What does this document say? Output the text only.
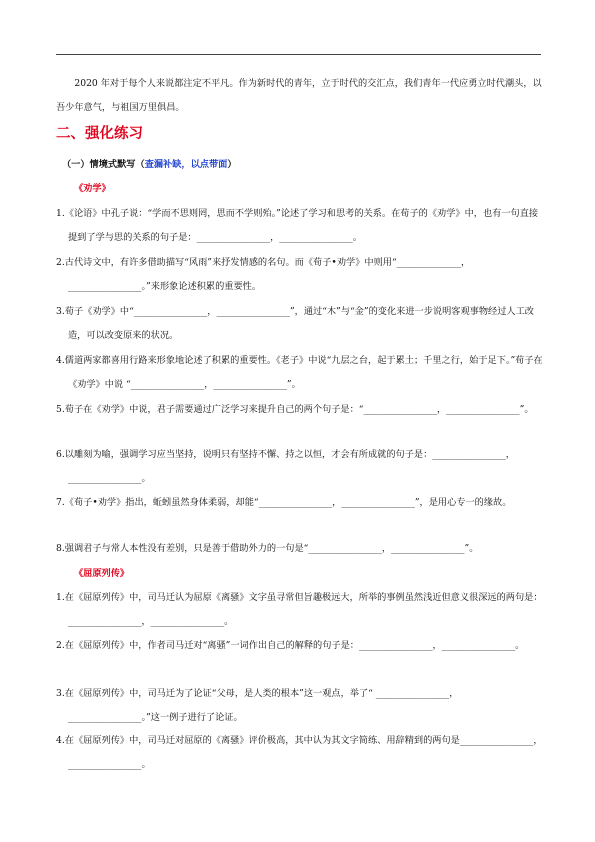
2020 年对于每个人来说都注定不平凡。作为新时代的青年，立于时代的交汇点，我们青年一代应勇立时代潮头，以吾少年意气，与祖国万里俱昌。
二、强化练习
（一）情境式默写（查漏补缺，以点带面）
《劝学》
1.《论语》中孔子说：“学而不思则罔，思而不学则殆。”论述了学习和思考的关系。在荀子的《劝学》中，也有一句直接提到了学与思的关系的句子是：________________，________________。
2.古代诗文中，有许多借助描写“风雨”来抒发情感的名句。而《荀子•劝学》中则用“______________，________________。”来形象论述积累的重要性。
3.荀子《劝学》中“________________，________________”，通过“木”与“金”的变化来进一步说明客观事物经过人工改造，可以改变原来的状况。
4.儒道两家都喜用行路来形象地论述了积累的重要性。《老子》中说“九层之台，起于累土；千里之行，始于足下。”荀子在《劝学》中说 “________________，________________”。
5.荀子在《劝学》中说，君子需要通过广泛学习来提升自己的两个句子是：“________________，________________”。
6.以雕刻为喻，强调学习应当坚持，说明只有坚持不懈、持之以恒，才会有所成就的句子是：________________，________________。
7.《荀子•劝学》指出，蚯蚓虽然身体柔弱，却能“________________，________________”，是用心专一的缘故。
8.强调君子与常人本性没有差别，只是善于借助外力的一句是“________________，________________”。
《屈原列传》
1.在《屈原列传》中，司马迁认为屈原《离骚》文字虽寻常但旨趣极远大，所举的事例虽然浅近但意义很深远的两句是：________________，________________。
2.在《屈原列传》中，作者司马迁对“离骚”一词作出自己的解释的句子是：________________，________________。
3.在《屈原列传》中，司马迁为了论证“父母，是人类的根本”这一观点，举了“ ________________，________________。”这一例子进行了论证。
4.在《屈原列传》中，司马迁对屈原的《离骚》评价极高，其中认为其文字简练、用辞精到的两句是________________，________________。
